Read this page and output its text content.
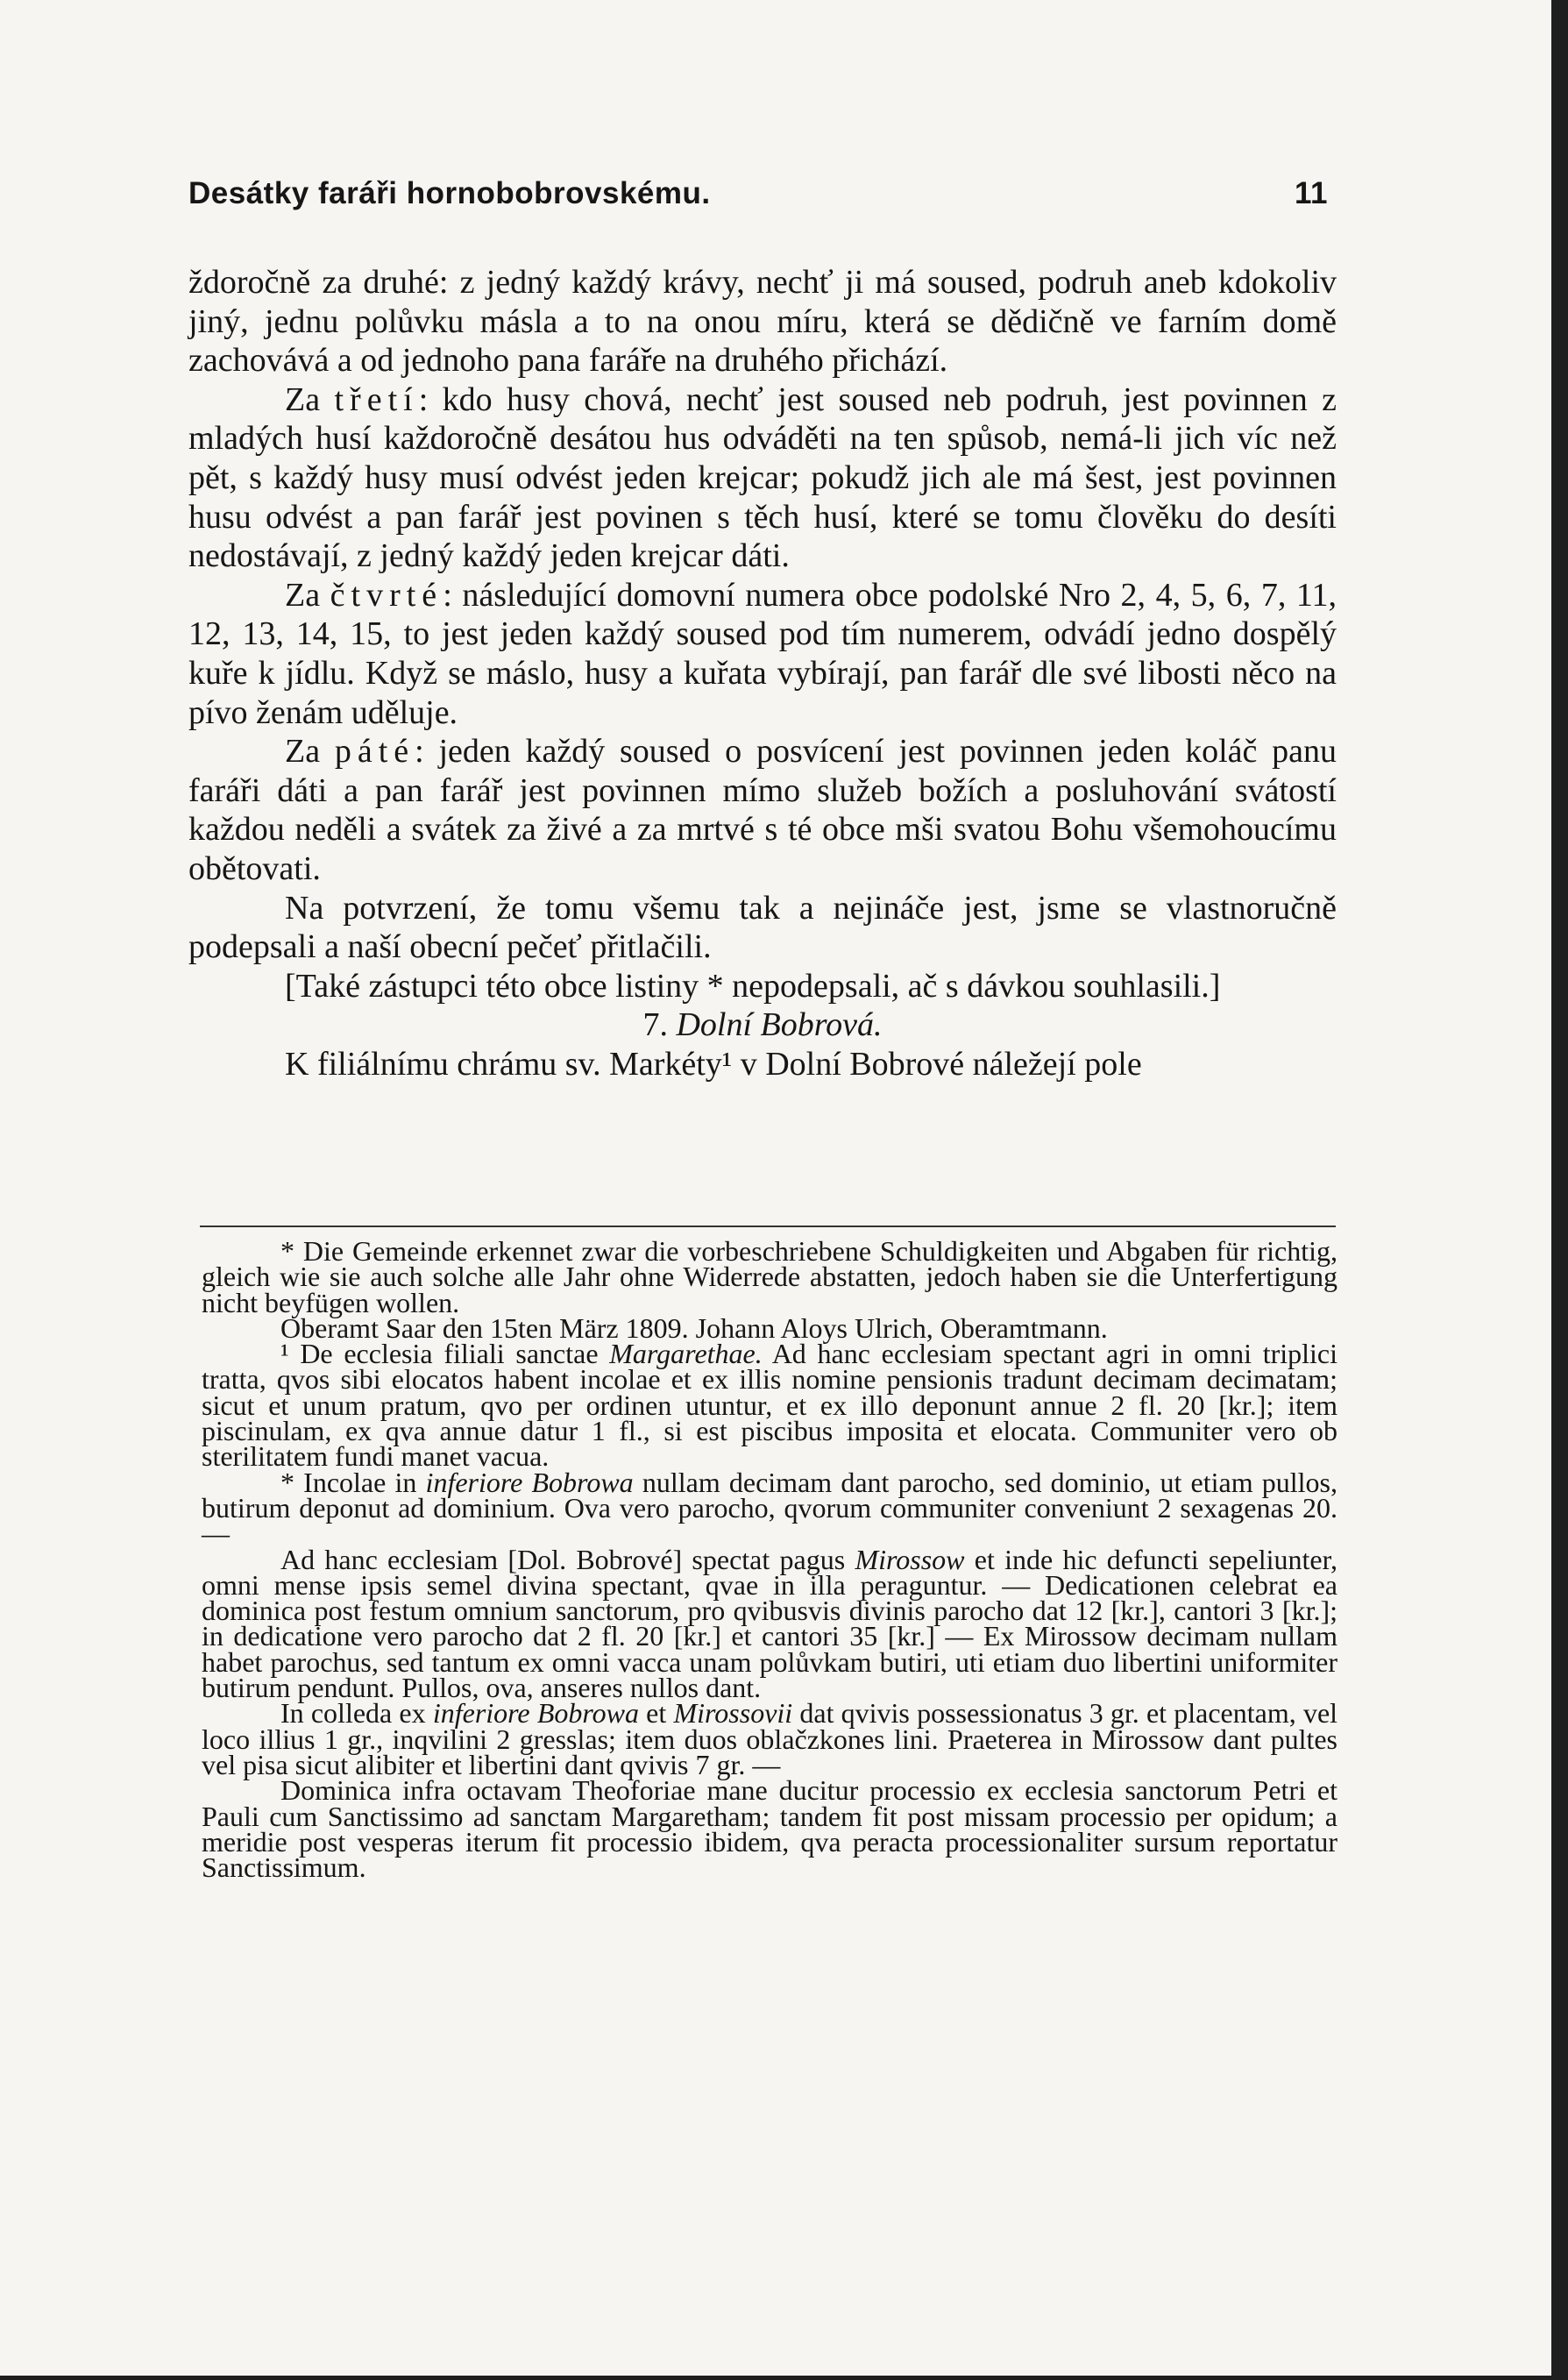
Desátky faráři hornobobrovskému.	11

ždoročně za druhé: z jedný každý krávy, nechť ji má soused, podruh aneb kdokoliv jiný, jednu polůvku másla a to na onou míru, která se dědičně ve farním domě zachovává a od jednoho pana faráře na druhého přichází.

Za třetí: kdo husy chová, nechť jest soused neb podruh, jest povinnen z mladých husí každoročně desátou hus odváděti na ten spůsob, nemá-li jich víc než pět, s každý husy musí odvést jeden krejcar; pokudž jich ale má šest, jest povinnen husu odvést a pan farář jest povinen s těch husí, které se tomu člověku do desíti nedostávají, z jedný každý jeden krejcar dáti.

Za čtvrté: následující domovní numera obce podolské Nro 2, 4, 5, 6, 7, 11, 12, 13, 14, 15, to jest jeden každý soused pod tím numerem, odvádí jedno dospělý kuře k jídlu. Když se máslo, husy a kuřata vybírají, pan farář dle své libosti něco na pívo ženám uděluje.

Za páté: jeden každý soused o posvícení jest povinnen jeden koláč panu faráři dáti a pan farář jest povinnen mímo služeb božích a posluhování svátostí každou neděli a svátek za živé a za mrtvé s té obce mši svatou Bohu všemohoucímu obětovati.

Na potvrzení, že tomu všemu tak a nejináče jest, jsme se vlastnoručně podepsali a naší obecní pečeť přitlačili.

[Také zástupci této obce listiny * nepodepsali, ač s dávkou souhlasili.]

7. Dolní Bobrová.

K filiálnímu chrámu sv. Markéty¹ v Dolní Bobrové náležejí pole

* Die Gemeinde erkennet zwar die vorbeschriebene Schuldigkeiten und Abgaben für richtig, gleich wie sie auch solche alle Jahr ohne Widerrede abstatten, jedoch haben sie die Unterfertigung nicht beyfügen wollen.

Oberamt Saar den 15ten März 1809. Johann Aloys Ulrich, Oberamtmann.

¹ De ecclesia filiali sanctae Margarethae. Ad hanc ecclesiam spectant agri in omni triplici tratta, qvos sibi elocatos habent incolae et ex illis nomine pensionis tradunt decimam decimatam; sicut et unum pratum, qvo per ordinen utuntur, et ex illo deponunt annue 2 fl. 20 [kr.]; item piscinulam, ex qva annue datur 1 fl., si est piscibus imposita et elocata. Communiter vero ob sterilitatem fundi manet vacua.

* Incolae in inferiore Bobrowa nullam decimam dant parocho, sed dominio, ut etiam pullos, butirum deponut ad dominium. Ova vero parocho, qvorum communiter conveniunt 2 sexagenas 20. —

Ad hanc ecclesiam [Dol. Bobrové] spectat pagus Mirossow et inde hic defuncti sepeliunter, omni mense ipsis semel divina spectant, qvae in illa peraguntur. — Dedicationen celebrat ea dominica post festum omnium sanctorum, pro qvibusvis divinis parocho dat 12 [kr.], cantori 3 [kr.]; in dedicatione vero parocho dat 2 fl. 20 [kr.] et cantori 35 [kr.] — Ex Mirossow decimam nullam habet parochus, sed tantum ex omni vacca unam polůvkam butiri, uti etiam duo libertini uniformiter butirum pendunt. Pullos, ova, anseres nullos dant.

In colleda ex inferiore Bobrowa et Mirossovii dat qvivis possessionatus 3 gr. et placentam, vel loco illius 1 gr., inqvilini 2 gresslas; item duos oblačzkones lini. Praeterea in Mirossow dant pultes vel pisa sicut alibiter et libertini dant qvivis 7 gr. —

Dominica infra octavam Theoforiae mane ducitur processio ex ecclesia sanctorum Petri et Pauli cum Sanctissimo ad sanctam Margaretham; tandem fit post missam processio per opidum; a meridie post vesperas iterum fit processio ibidem, qva peracta processionaliter sursum reportatur Sanctissimum.
